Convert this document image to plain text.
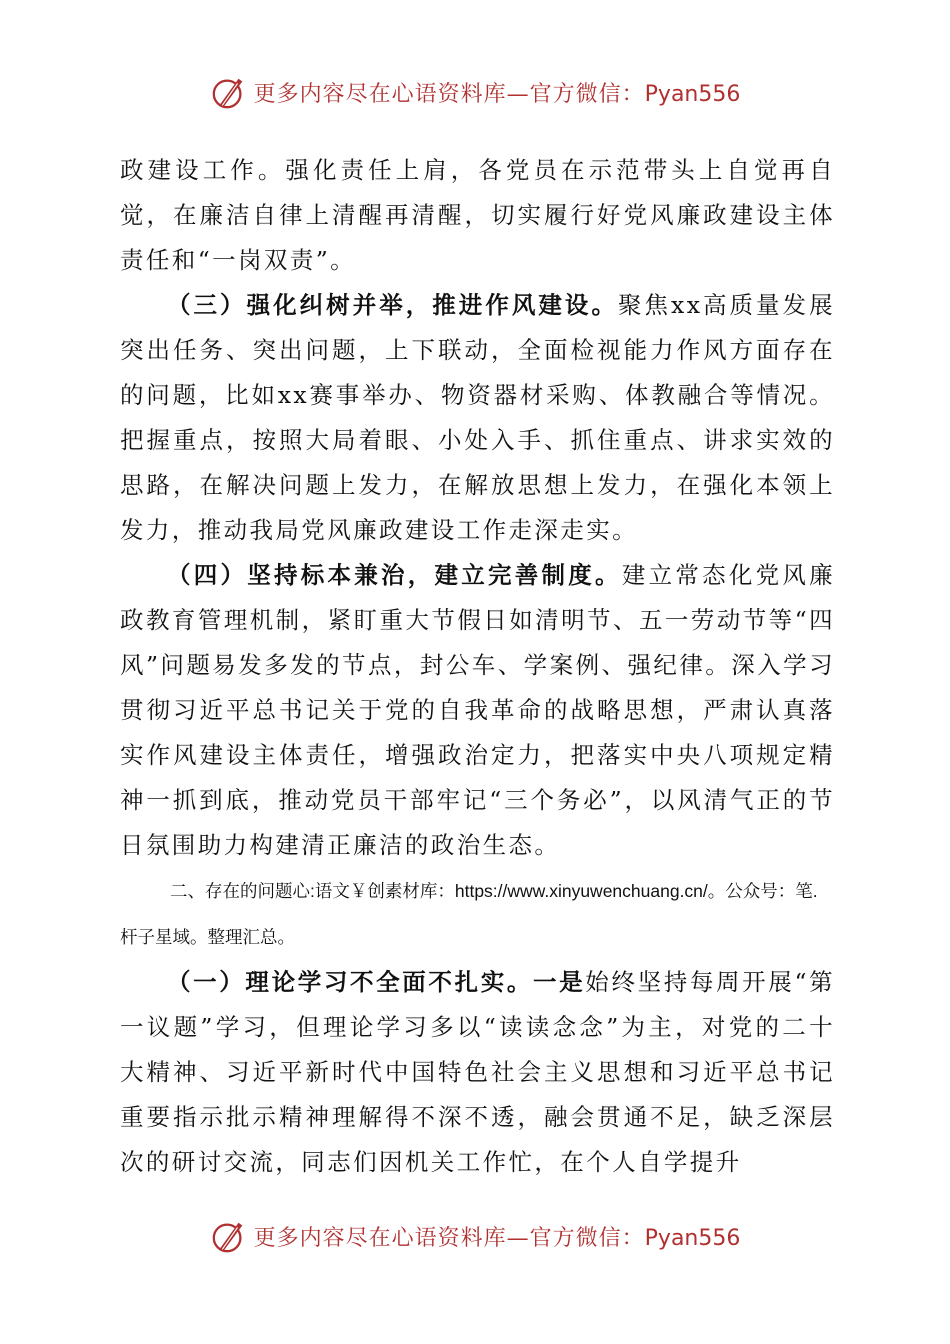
更多内容尽在心语资料库—官方微信：Pyan556

政建设工作。强化责任上肩，各党员在示范带头上自觉再自觉，在廉洁自律上清醒再清醒，切实履行好党风廉政建设主体责任和“一岗双责”。

（三）强化纠树并举，推进作风建设。聚焦xx高质量发展突出任务、突出问题，上下联动，全面检视能力作风方面存在的问题，比如xx赛事举办、物资器材采购、体教融合等情况。把握重点，按照大局着眼、小处入手、抓住重点、讲求实效的思路，在解决问题上发力，在解放思想上发力，在强化本领上发力，推动我局党风廉政建设工作走深走实。

（四）坚持标本兼治，建立完善制度。建立常态化党风廉政教育管理机制，紧盯重大节假日如清明节、五一劳动节等“四风”问题易发多发的节点，封公车、学案例、强纪律。深入学习贯彻习近平总书记关于党的自我革命的战略思想，严肃认真落实作风建设主体责任，增强政治定力，把落实中央八项规定精神一抓到底，推动党员干部牢记“三个务必”，以风清气正的节日氛围助力构建清正廉洁的政治生态。

二、存在的问题心:语文￥创素材库：https://www.xinyuwenchuang.cn/。公众号：笔.杆子星域。整理汇总。

（一）理论学习不全面不扎实。一是始终坚持每周开展“第一议题”学习，但理论学习多以“读读念念”为主，对党的二十大精神、习近平新时代中国特色社会主义思想和习近平总书记重要指示批示精神理解得不深不透，融会贯通不足，缺乏深层次的研讨交流，同志们因机关工作忙，在个人自学提升

更多内容尽在心语资料库—官方微信：Pyan556
